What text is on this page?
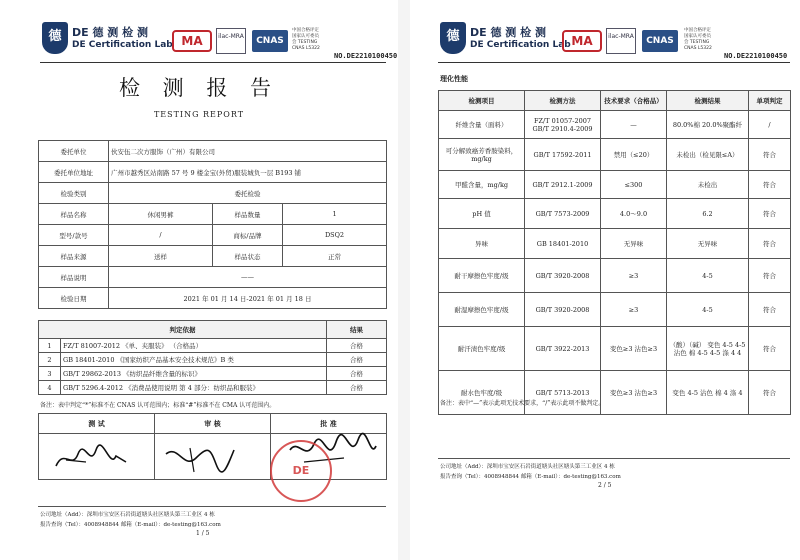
德 DE 德 测 检 测
DE Certification Lab MA	ilac-MRA	CNAS
中国合格评定国家认可委员会 TESTING CNAS L5322
NO.DE2210100450
检 测 报 告
TESTING REPORT
委托单位	伙安伍二次方服饰（广州）有限公司		
委托单位地址	广州市越秀区站南路 57 号 9 楼金宝(外贸)服装城负一层 B193 铺		
检验类别	委托检验		
样品名称	休闲男裤	样品数量	1
型号/款号	/	商标/品牌	DSQ2
样品来源	送样	样品状态	正常
样品说明	——		
检验日期	2021 年 01 月 14 日-2021 年 01 月 18 日		
判定依据		结果
1	FZ/T 81007-2012 《单、夹服装》 （合格品）	合格
2	GB 18401-2010 《国家纺织产品基本安全技术规范》B 类	合格
3	GB/T 29862-2013 《纺织品纤维含量的标识》	合格
4	GB/T 5296.4-2012 《消费品使用说明 第 4 部分：纺织品和服装》	合格
备注：表中判定“*”标准不在 CNAS 认可范围内；标准“#”标准不在 CMA 认可范围内。
测 试	审 核	批 准

DE
公司地址（Add）：深圳市宝安区石岩街道塘头社区塘头第三工业区 4 栋
报告查询（Tel）：4008948844 邮箱（E-mail）：de-testing@163.com
1 / 5
德 DE 德 测 检 测
DE Certification Lab MA	ilac-MRA	CNAS
中国合格评定国家认可委员会 TESTING CNAS L5322
NO.DE2210100450
理化性能
检测项目	检测方法	技术要求（合格品）	检测结果	单项判定
纤维含量（面料）	FZ/T 01057-2007 GB/T 2910.4-2009	—	80.0%棉 20.0%聚酯纤	/
可分解致癌芳香胺染料，mg/kg	GB/T 17592-2011	禁用（≤20）	未检出（检见限≤A）	符合
甲醛含量，mg/kg	GB/T 2912.1-2009	≤300	未检出	符合
pH 值	GB/T 7573-2009	4.0～9.0	6.2	符合
异味	GB 18401-2010	无异味	无异味	符合
耐干摩擦色牢度/级	GB/T 3920-2008	≥3	4-5	符合
耐湿摩擦色牢度/级	GB/T 3920-2008	≥3	4-5	符合
耐汗渍色牢度/级	GB/T 3922-2013	变色≥3 沾色≥3	（酸）（碱） 变色 4-5 4-5 沾色 棉 4-5 4-5 涤 4 4	符合
耐水色牢度/级	GB/T 5713-2013	变色≥3 沾色≥3	变色 4-5 沾色 棉 4 涤 4	符合
备注：表中“—”表示此项无技术要求，“/”表示此项不做判定。
公司地址（Add）：深圳市宝安区石岩街道塘头社区塘头第三工业区 4 栋
报告查询（Tel）：4008948844 邮箱（E-mail）：de-testing@163.com
2 / 5
